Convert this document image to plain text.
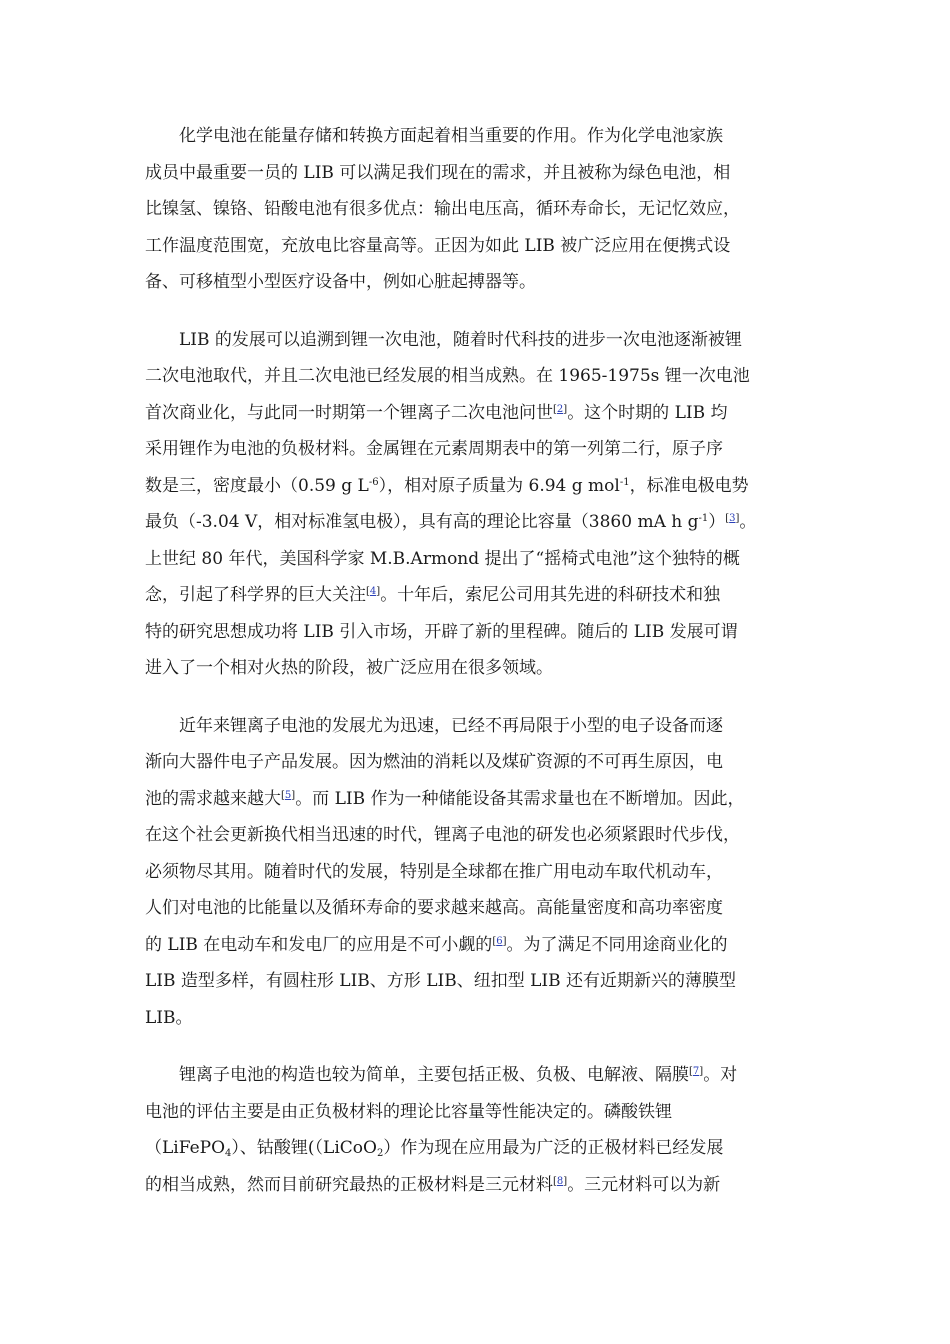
化学电池在能量存储和转换方面起着相当重要的作用。作为化学电池家族
成员中最重要一员的 LIB 可以满足我们现在的需求，并且被称为绿色电池，相
比镍氢、镍铬、铅酸电池有很多优点：输出电压高，循环寿命长，无记忆效应，
工作温度范围宽，充放电比容量高等。正因为如此 LIB 被广泛应用在便携式设
备、可移植型小型医疗设备中，例如心脏起搏器等。
LIB 的发展可以追溯到锂一次电池，随着时代科技的进步一次电池逐渐被锂
二次电池取代，并且二次电池已经发展的相当成熟。在 1965-1975s 锂一次电池
首次商业化，与此同一时期第一个锂离子二次电池问世[2]。这个时期的 LIB 均
采用锂作为电池的负极材料。金属锂在元素周期表中的第一列第二行，原子序
数是三，密度最小（0.59 g $L^{-6}$），相对原子质量为 6.94 g mol$^{-1}$，标准电极电势
最负（-3.04 V，相对标准氢电极），具有高的理论比容量（3860 mA h $g^{-1})[3]$。
上世纪 80 年代，美国科学家 M.B.Armond 提出了“摇椅式电池”这个独特的概
念，引起了科学界的巨大关注[4]。十年后，索尼公司用其先进的科研技术和独
特的研究思想成功将 LIB 引入市场，开辟了新的里程碑。随后的 LIB 发展可谓
进入了一个相对火热的阶段，被广泛应用在很多领域。
近年来锂离子电池的发展尤为迅速，已经不再局限于小型的电子设备而逐
渐向大器件电子产品发展。因为燃油的消耗以及煤矿资源的不可再生原因，电
池的需求越来越大[5]。而 LIB 作为一种储能设备其需求量也在不断增加。因此，
在这个社会更新换代相当迅速的时代，锂离子电池的研发也必须紧跟时代步伐，
必须物尽其用。随着时代的发展，特别是全球都在推广用电动车取代机动车，
人们对电池的比能量以及循环寿命的要求越来越高。高能量密度和高功率密度
的 LIB 在电动车和发电厂的应用是不可小觑的[6]。为了满足不同用途商业化的
LIB 造型多样，有圆柱形 LIB、方形 LIB、纽扣型 LIB 还有近期新兴的薄膜型
LIB。
锂离子电池的构造也较为简单，主要包括正极、负极、电解液、隔膜[7]。对
电池的评估主要是由正负极材料的理论比容量等性能决定的。磷酸铁锂
（LiFePO$_4$）、钴酸锂(（LiCoO$_2$）作为现在应用最为广泛的正极材料已经发展
的相当成熟，然而目前研究最热的正极材料是三元材料[8]。三元材料可以为新
